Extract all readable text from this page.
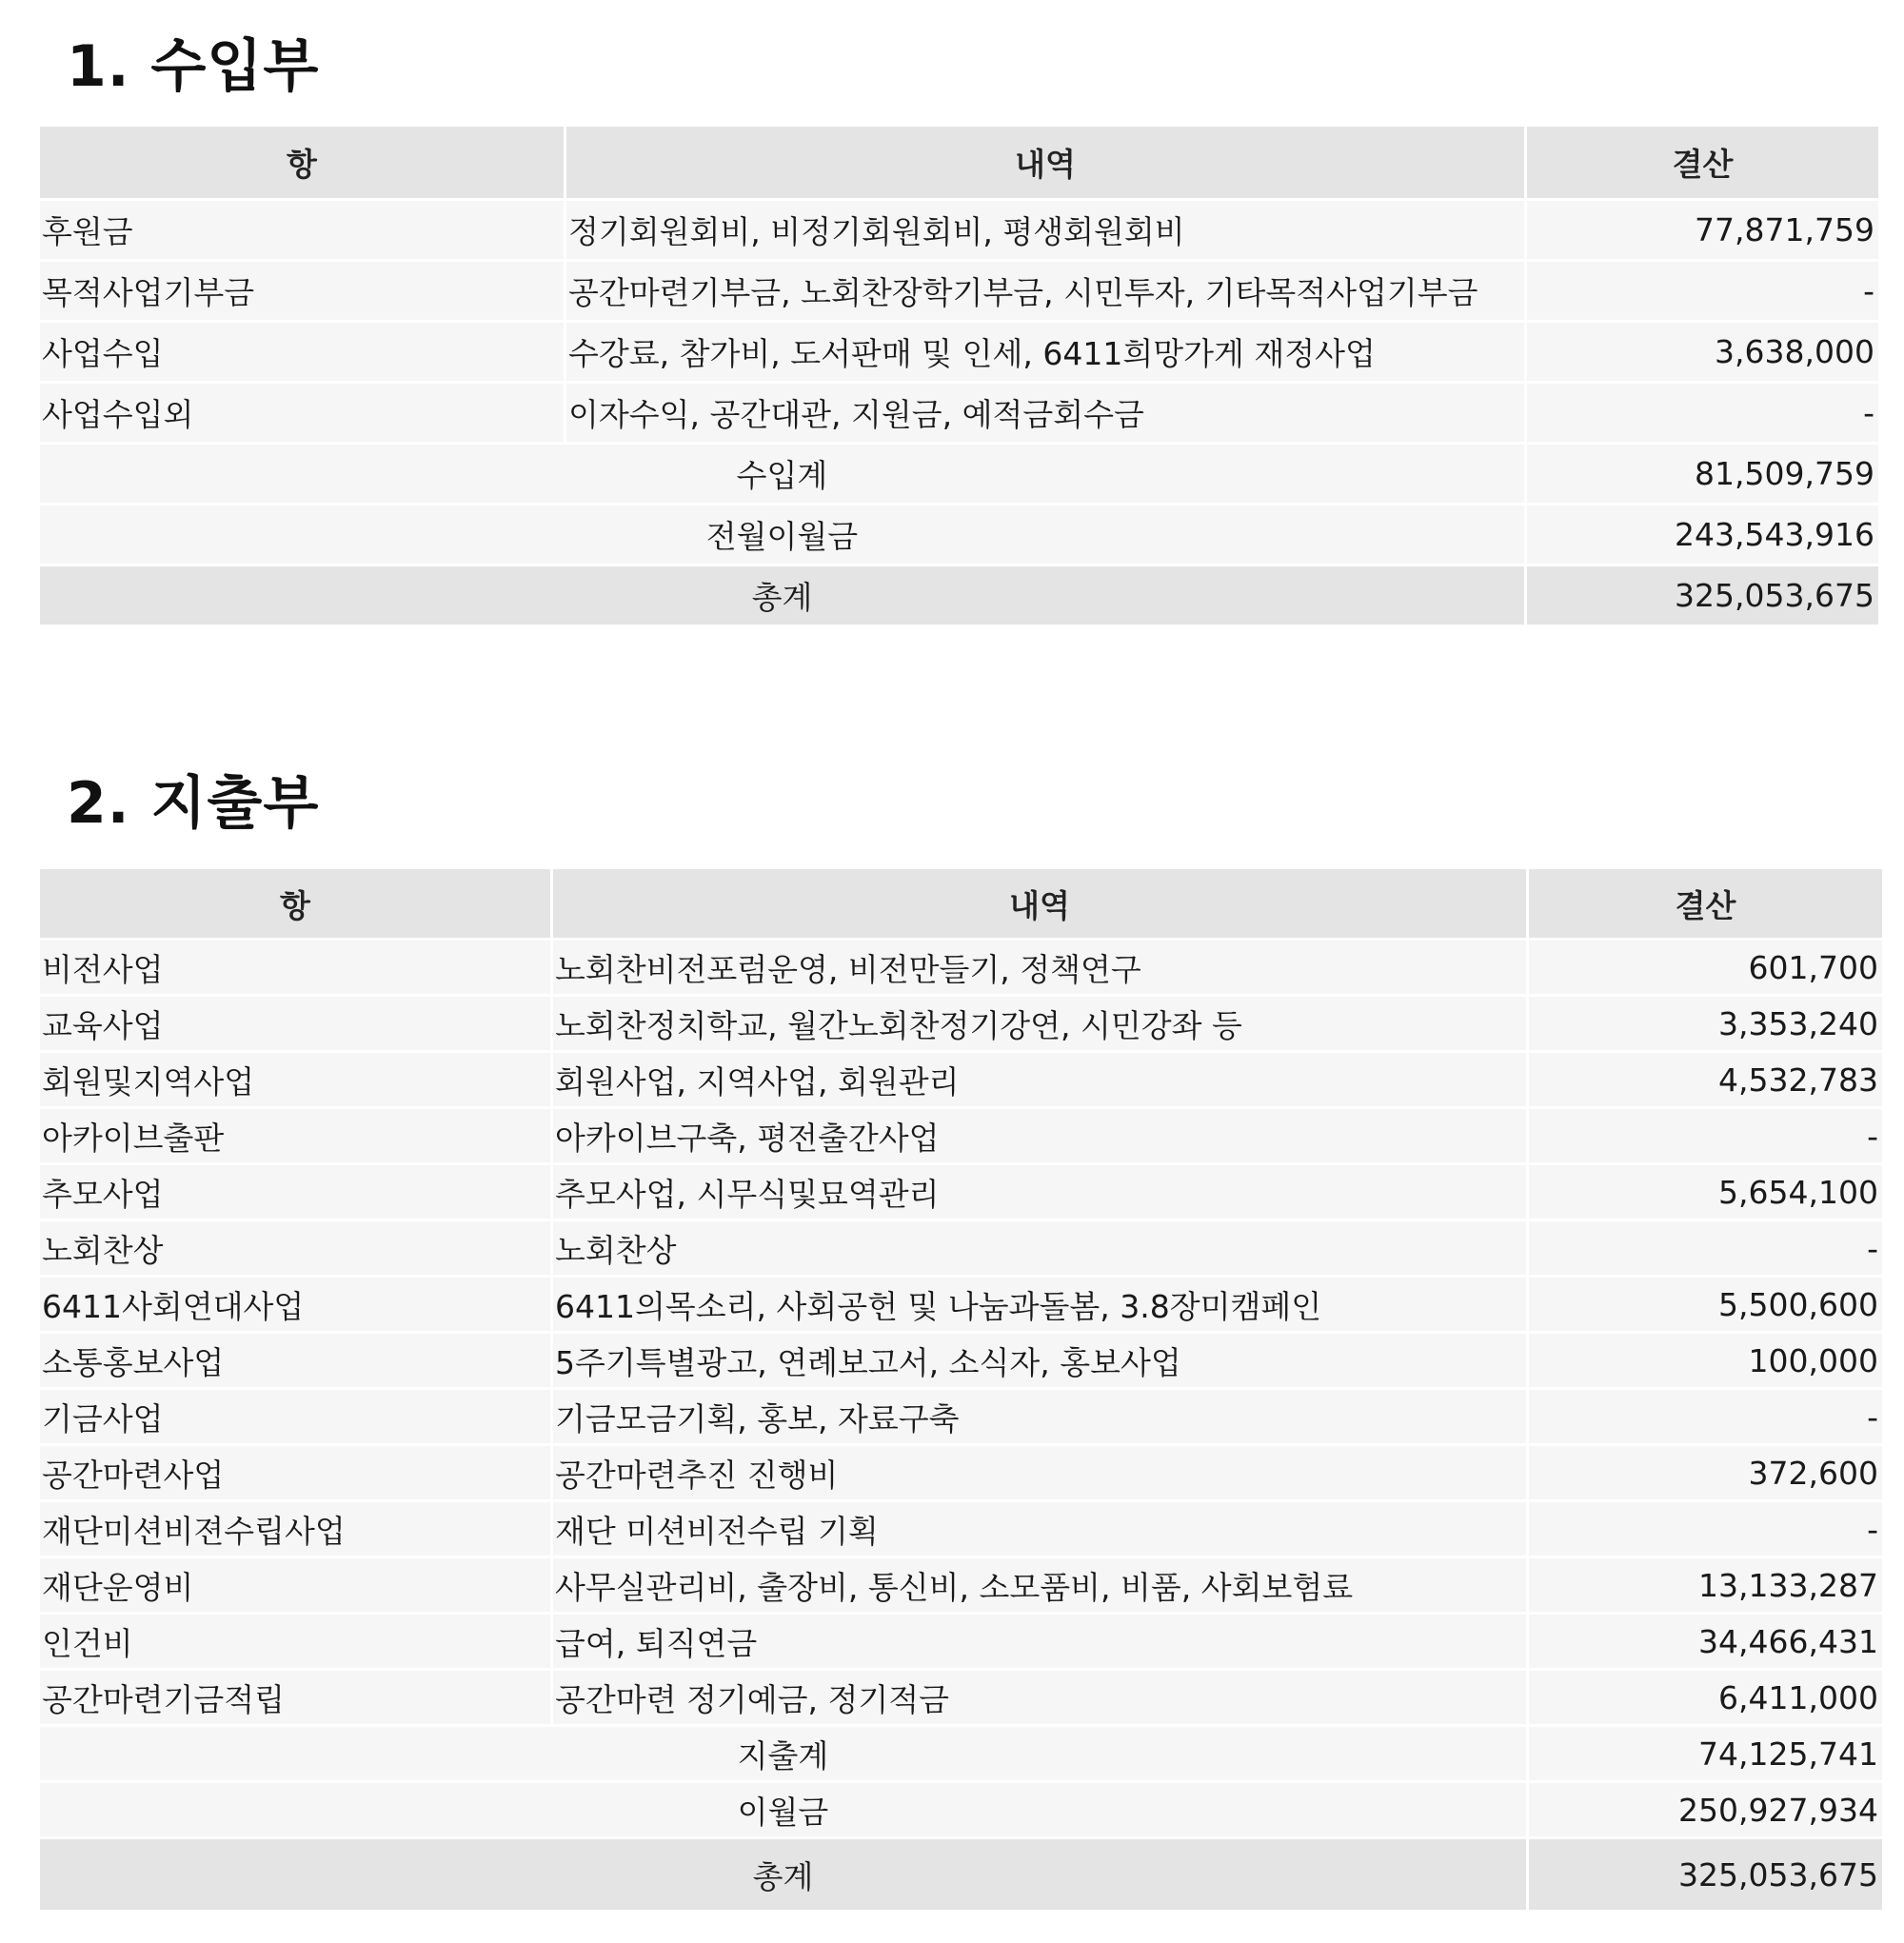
1. 수입부
항	내역	결산
후원금	정기회원회비, 비정기회원회비, 평생회원회비	77,871,759
목적사업기부금	공간마련기부금, 노회찬장학기부금, 시민투자, 기타목적사업기부금	-
사업수입	수강료, 참가비, 도서판매 및 인세, 6411희망가게 재정사업	3,638,000
사업수입외	이자수익, 공간대관, 지원금, 예적금회수금	-
수입계		81,509,759
전월이월금		243,543,916
총계		325,053,675
2. 지출부
항	내역	결산
비전사업	노회찬비전포럼운영, 비전만들기, 정책연구	601,700
교육사업	노회찬정치학교, 월간노회찬정기강연, 시민강좌 등	3,353,240
회원및지역사업	회원사업, 지역사업, 회원관리	4,532,783
아카이브출판	아카이브구축, 평전출간사업	-
추모사업	추모사업, 시무식및묘역관리	5,654,100
노회찬상	노회찬상	-
6411사회연대사업	6411의목소리, 사회공헌 및 나눔과돌봄, 3.8장미캠페인	5,500,600
소통홍보사업	5주기특별광고, 연례보고서, 소식자, 홍보사업	100,000
기금사업	기금모금기획, 홍보, 자료구축	-
공간마련사업	공간마련추진 진행비	372,600
재단미션비젼수립사업	재단 미션비전수립 기획	-
재단운영비	사무실관리비, 출장비, 통신비, 소모품비, 비품, 사회보험료	13,133,287
인건비	급여, 퇴직연금	34,466,431
공간마련기금적립	공간마련 정기예금, 정기적금	6,411,000
지출계		74,125,741
이월금		250,927,934
총계		325,053,675
